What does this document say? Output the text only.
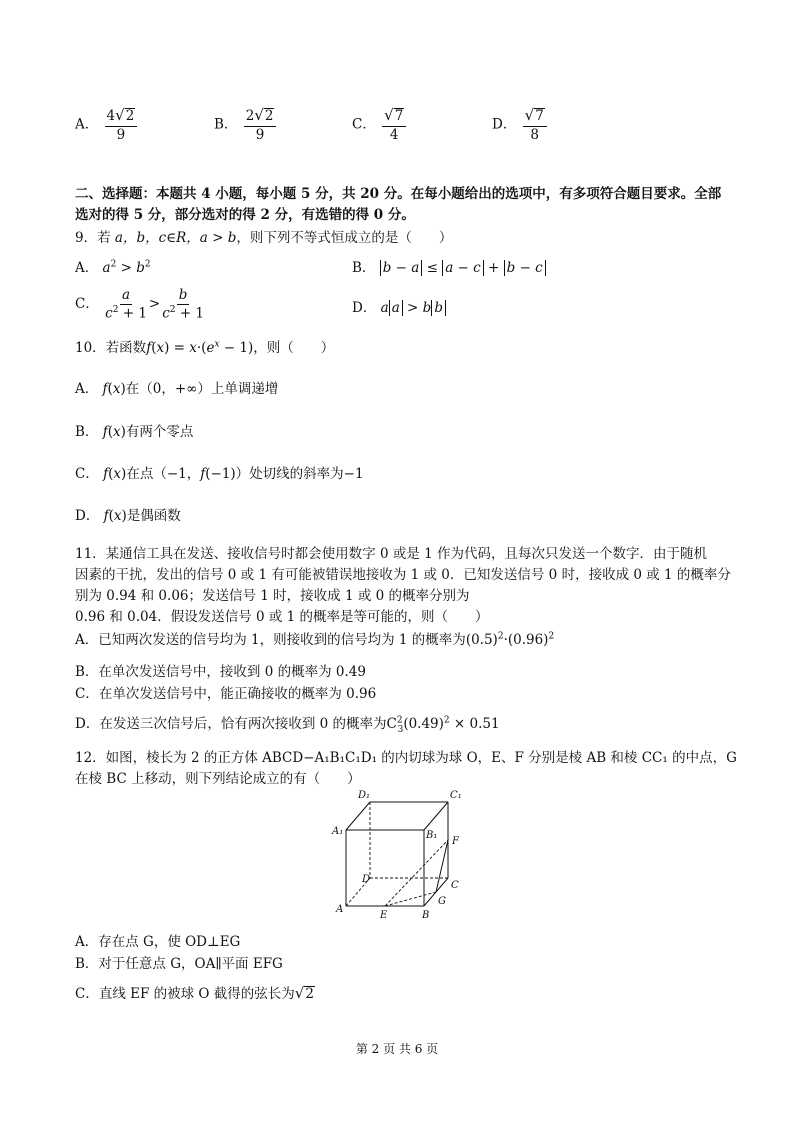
A． $\frac{4 √ 2}{9}$	B． $\frac{2 √ 2}{9}$	C． $\frac{√ 7}{4}$	D． $\frac{√ 7}{8}$
二、选择题：本题共 4 小题，每小题 5 分，共 20 分。在每小题给出的选项中，有多项符合题目要求。全部
选对的得 5 分，部分选对的得 2 分，有选错的得 0 分。
9．若 a，b，c∈R，a > b，则下列不等式恒成立的是（　　）
A． $a^2 > b^2$	B． b − a ≤ a − c + b − c
C． $\frac{a}{c^2 + 1} > \frac{b}{c^2 + 1}$	D． a a > b b
10．若函数$f(x) = x\cdot(e^x - 1)$，则（　　）
A． f(x)在（0，+∞）上单调递增
B． f(x)有两个零点
C． f(x)在点（−1，f(−1)）处切线的斜率为−1
D． f(x)是偶函数
11．某通信工具在发送、接收信号时都会使用数字 0 或是 1 作为代码，且每次只发送一个数字．由于随机
因素的干扰，发出的信号 0 或 1 有可能被错误地接收为 1 或 0．已知发送信号 0 时，接收成 0 或 1 的概率分
别为 0.94 和 0.06；发送信号 1 时，接收成 1 或 0 的概率分别为
0.96 和 0.04．假设发送信号 0 或 1 的概率是等可能的，则（　　）
A．已知两次发送的信号均为 1，则接收到的信号均为 1 的概率为$(0.5)^2\cdot(0.96)^2$
B．在单次发送信号中，接收到 0 的概率为 0.49
C．在单次发送信号中，能正确接收的概率为 0.96
D．在发送三次信号后，恰有两次接收到 0 的概率为$C^2_3(0.49)^2 \times 0.51$
12．如图，棱长为 2 的正方体 ABCD−A₁B₁C₁D₁ 的内切球为球 O，E、F 分别是棱 AB 和棱 CC₁ 的中点，G
在棱 BC 上移动，则下列结论成立的有（　　）
D₁	C₁
A₁	B₁
F
D
C
G
A
E	B
A．存在点 G，使 OD⊥EG
B．对于任意点 G，OA∥平面 EFG
C．直线 EF 的被球 O 截得的弦长为 √ 2
第 2 页 共 6 页
